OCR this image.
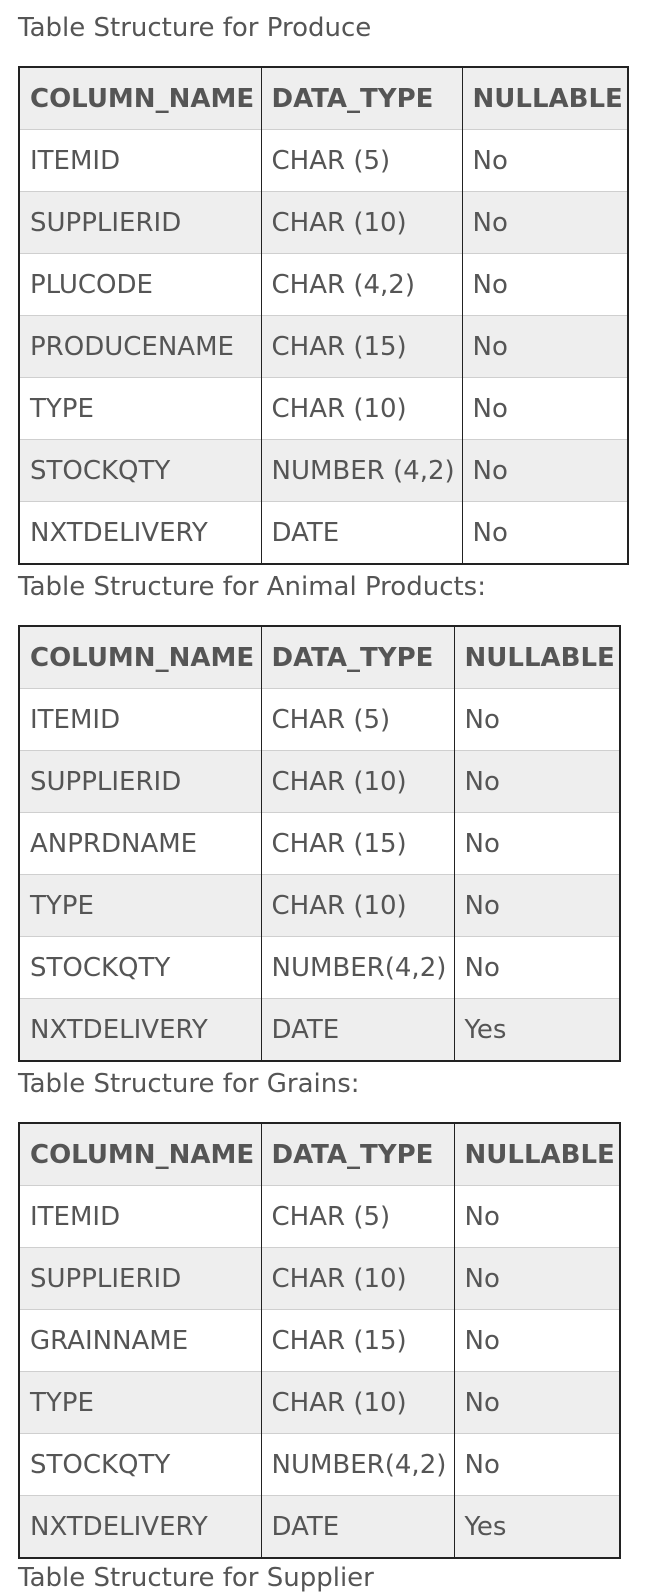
Table Structure for Produce
COLUMN_NAME	DATA_TYPE	NULLABLE
ITEMID	CHAR (5)	No
SUPPLIERID	CHAR (10)	No
PLUCODE	CHAR (4,2)	No
PRODUCENAME	CHAR (15)	No
TYPE	CHAR (10)	No
STOCKQTY	NUMBER (4,2)	No
NXTDELIVERY	DATE	No
Table Structure for Animal Products:
COLUMN_NAME	DATA_TYPE	NULLABLE
ITEMID	CHAR (5)	No
SUPPLIERID	CHAR (10)	No
ANPRDNAME	CHAR (15)	No
TYPE	CHAR (10)	No
STOCKQTY	NUMBER(4,2)	No
NXTDELIVERY	DATE	Yes
Table Structure for Grains:
COLUMN_NAME	DATA_TYPE	NULLABLE
ITEMID	CHAR (5)	No
SUPPLIERID	CHAR (10)	No
GRAINNAME	CHAR (15)	No
TYPE	CHAR (10)	No
STOCKQTY	NUMBER(4,2)	No
NXTDELIVERY	DATE	Yes
Table Structure for Supplier
